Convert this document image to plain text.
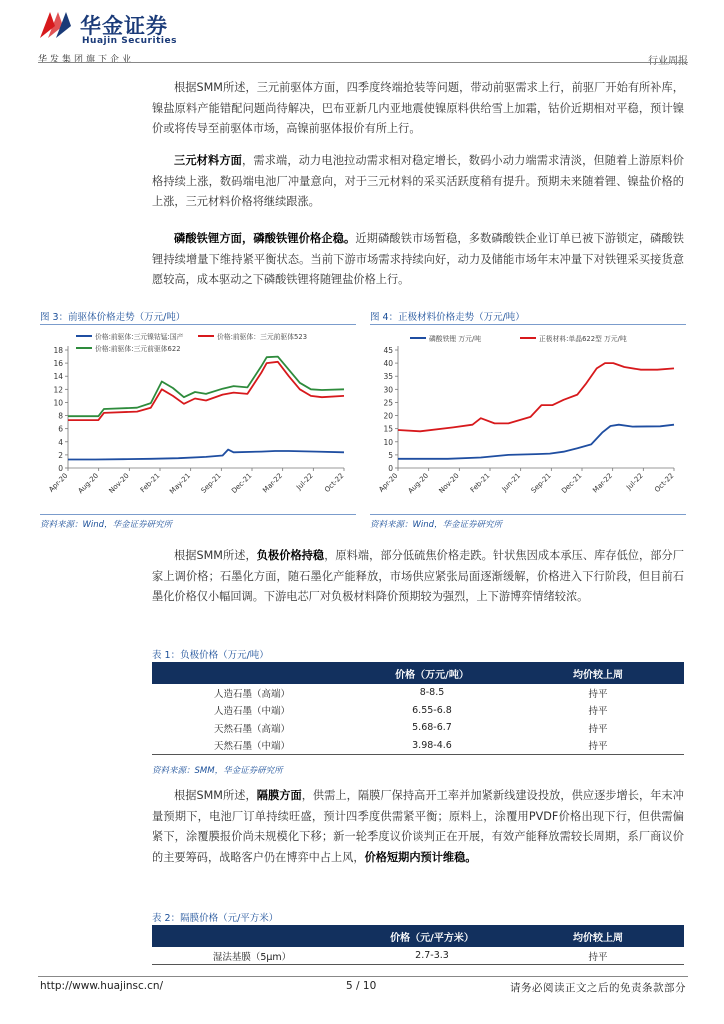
华金证券
Huajin Securities
华发集团旗下企业	行业周报
根据SMM所述，三元前驱体方面，四季度终端抢装等问题，带动前驱需求上行，前驱厂开始有所补库，镍盐原料产能错配问题尚待解决，巴布亚新几内亚地震使镍原料供给雪上加霜，钴价近期相对平稳，预计镍价或将传导至前驱体市场，高镍前驱体报价有所上行。
三元材料方面，需求端，动力电池拉动需求相对稳定增长，数码小动力端需求清淡，但随着上游原料价格持续上涨，数码端电池厂冲量意向，对于三元材料的采买活跃度稍有提升。预期未来随着锂、镍盐价格的上涨，三元材料价格将继续跟涨。
磷酸铁锂方面，磷酸铁锂价格企稳。近期磷酸铁市场暂稳，多数磷酸铁企业订单已被下游锁定，磷酸铁锂持续增量下维持紧平衡状态。当前下游市场需求持续向好，动力及储能市场年末冲量下对铁锂采买接货意愿较高，成本驱动之下磷酸铁锂将随锂盐价格上行。
图 3：前驱体价格走势（万元/吨）
0
2
4
6
8
10
12
14
16
18
Apr-20 Aug-20 Nov-20 Feb-21 May-21 Sep-21 Dec-21 Mar-22 Jul-22 Oct-22
价格:前驱体:三元镍钴锰:国产	价格:前驱体：三元前驱体523
价格:前驱体:三元前驱体622
资料来源：Wind，华金证券研究所
图 4：正极材料价格走势（万元/吨）
0
5
10
15
20
25
30
35
40
45
Apr-20 Aug-20 Nov-20 Feb-21 Jun-21 Sep-21 Dec-21 Mar-22 Jul-22 Oct-22
磷酸铁锂 万元/吨	正极材料:单晶622型 万元/吨
资料来源：Wind，华金证券研究所
根据SMM所述，负极价格持稳，原料端，部分低硫焦价格走跌。针状焦因成本承压、库存低位，部分厂家上调价格；石墨化方面，随石墨化产能释放，市场供应紧张局面逐渐缓解，价格进入下行阶段，但目前石墨化价格仅小幅回调。下游电芯厂对负极材料降价预期较为强烈，上下游博弈情绪较浓。
表 1：负极价格（万元/吨）
	价格（万元/吨）	均价较上周
人造石墨（高端）	8-8.5	持平
人造石墨（中端）	6.55-6.8	持平
天然石墨（高端）	5.68-6.7	持平
天然石墨（中端）	3.98-4.6	持平
资料来源：SMM，华金证券研究所
根据SMM所述，隔膜方面，供需上，隔膜厂保持高开工率并加紧新线建设投放，供应逐步增长，年末冲量预期下，电池厂订单持续旺盛，预计四季度供需紧平衡；原料上，涂覆用PVDF价格出现下行，但供需偏紧下，涂覆膜报价尚未规模化下移；新一轮季度议价谈判正在开展，有效产能释放需较长周期，系厂商议价的主要筹码，战略客户仍在博弈中占上风，价格短期内预计维稳。
表 2：隔膜价格（元/平方米）
	价格（元/平方米）	均价较上周
湿法基膜（5μm）	2.7-3.3	持平
http://www.huajinsc.cn/	5 / 10	请务必阅读正文之后的免责条款部分
